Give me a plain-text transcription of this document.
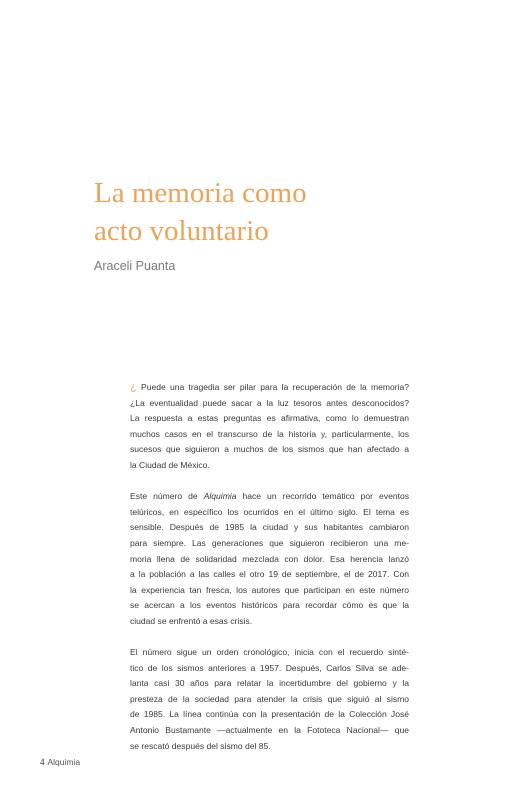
La memoria como
acto voluntario

Araceli Puanta

¿ Puede una tragedia ser pilar para la recuperación de la memoria?
¿La eventualidad puede sacar a la luz tesoros antes desconocidos?
La respuesta a estas preguntas es afirmativa, como lo demuestran
muchos casos en el transcurso de la historia y, particularmente, los
sucesos que siguieron a muchos de los sismos que han afectado a
la Ciudad de México.

Este número de Alquimia hace un recorrido temático por eventos
telúricos, en específico los ocurridos en el último siglo. El tema es
sensible. Después de 1985 la ciudad y sus habitantes cambiaron
para siempre. Las generaciones que siguieron recibieron una me-
moria llena de solidaridad mezclada con dolor. Esa herencia lanzó
a la población a las calles el otro 19 de septiembre, el de 2017. Con
la experiencia tan fresca, los autores que participan en este número
se acercan a los eventos históricos para recordar cómo es que la
ciudad se enfrentó a esas crisis.

El número sigue un orden cronológico, inicia con el recuerdo sinté-
tico de los sismos anteriores a 1957. Después, Carlos Silva se ade-
lanta casi 30 años para relatar la incertidumbre del gobierno y la
presteza de la sociedad para atender la crisis que siguió al sismo
de 1985. La línea continúa con la presentación de la Colección José
Antonio Bustamante —actualmente en la Fototeca Nacional— que
se rescató después del sismo del 85.

4 Alquimia
